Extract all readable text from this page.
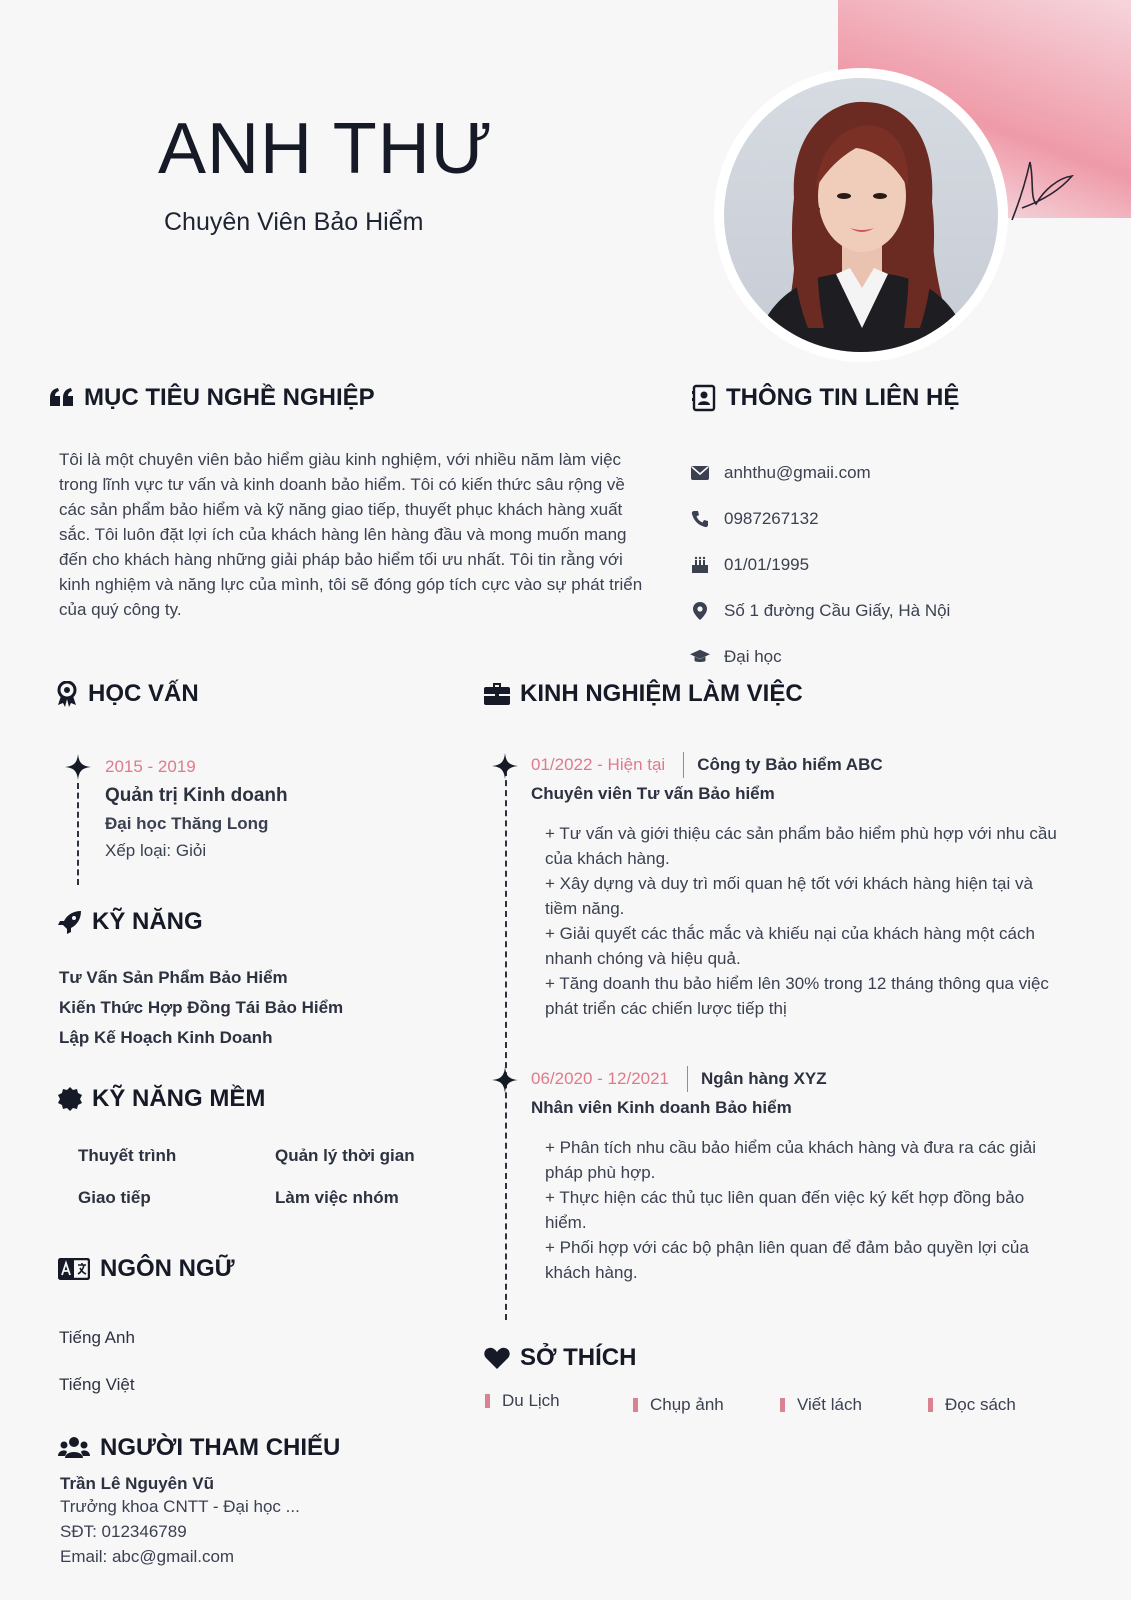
ANH THƯ
Chuyên Viên Bảo Hiểm
MỤC TIÊU NGHỀ NGHIỆP

Tôi là một chuyên viên bảo hiểm giàu kinh nghiệm, với nhiều năm làm việc trong lĩnh vực tư vấn và kinh doanh bảo hiểm. Tôi có kiến thức sâu rộng về các sản phẩm bảo hiểm và kỹ năng giao tiếp, thuyết phục khách hàng xuất sắc. Tôi luôn đặt lợi ích của khách hàng lên hàng đầu và mong muốn mang đến cho khách hàng những giải pháp bảo hiểm tối ưu nhất. Tôi tin rằng với kinh nghiệm và năng lực của mình, tôi sẽ đóng góp tích cực vào sự phát triển của quý công ty.

THÔNG TIN LIÊN HỆ
anhthu@gmaii.com
0987267132
01/01/1995
Số 1 đường Cầu Giấy, Hà Nội
Đại học
HỌC VẤN
2015 - 2019
Quản trị Kinh doanh
Đại học Thăng Long
Xếp loại: Giỏi
KỸ NĂNG
Tư Vấn Sản Phẩm Bảo Hiểm
Kiến Thức Hợp Đồng Tái Bảo Hiểm
Lập Kế Hoạch Kinh Doanh
KỸ NĂNG MỀM
Thuyết trình	Quản lý thời gian
Giao tiếp	Làm việc nhóm
NGÔN NGỮ
Tiếng Anh
Tiếng Việt
NGƯỜI THAM CHIẾU
Trần Lê Nguyên Vũ
Trưởng khoa CNTT - Đại học ...
SĐT: 012346789
Email: abc@gmail.com
KINH NGHIỆM LÀM VIỆC
01/2022 - Hiện tại Công ty Bảo hiểm ABC
Chuyên viên Tư vấn Bảo hiểm
+ Tư vấn và giới thiệu các sản phẩm bảo hiểm phù hợp với nhu cầu của khách hàng.
+ Xây dựng và duy trì mối quan hệ tốt với khách hàng hiện tại và tiềm năng.
+ Giải quyết các thắc mắc và khiếu nại của khách hàng một cách nhanh chóng và hiệu quả.
+ Tăng doanh thu bảo hiểm lên 30% trong 12 tháng thông qua việc phát triển các chiến lược tiếp thị
06/2020 - 12/2021 Ngân hàng XYZ
Nhân viên Kinh doanh Bảo hiểm
+ Phân tích nhu cầu bảo hiểm của khách hàng và đưa ra các giải pháp phù hợp.
+ Thực hiện các thủ tục liên quan đến việc ký kết hợp đồng bảo hiểm.
+ Phối hợp với các bộ phận liên quan để đảm bảo quyền lợi của khách hàng.
SỞ THÍCH
Du Lịch	Chụp ảnh	Viết lách	Đọc sách
